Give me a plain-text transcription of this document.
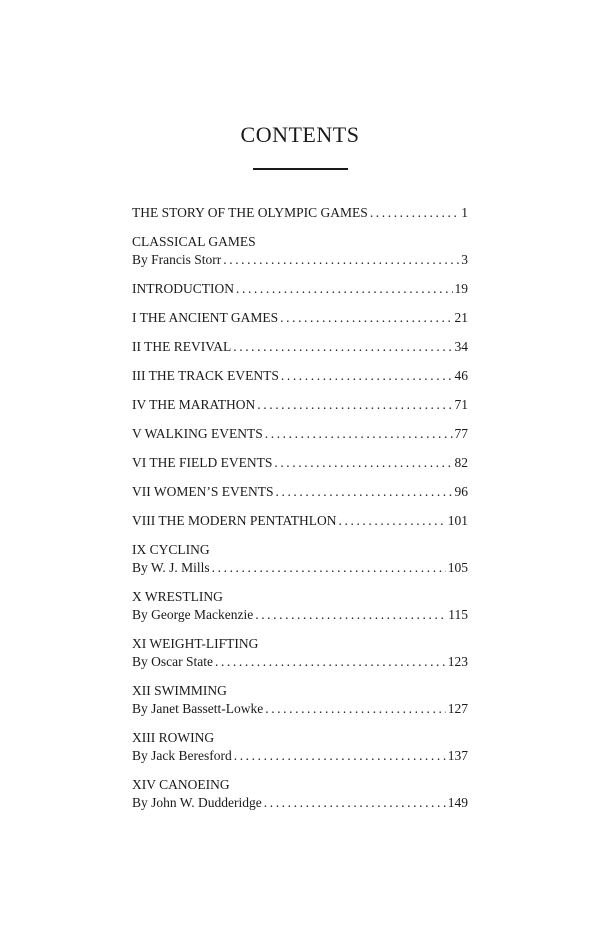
CONTENTS
THE STORY OF THE OLYMPIC GAMES .....	1
CLASSICAL GAMES
By Francis Storr .....	3
INTRODUCTION .....	19
I THE ANCIENT GAMES .....	21
II THE REVIVAL .....	34
III THE TRACK EVENTS .....	46
IV THE MARATHON .....	71
V WALKING EVENTS .....	77
VI THE FIELD EVENTS .....	82
VII WOMEN’S EVENTS .....	96
VIII THE MODERN PENTATHLON .....	101
IX CYCLING
By W. J. Mills .....	105
X WRESTLING
By George Mackenzie .....	115
XI WEIGHT-LIFTING
By Oscar State .....	123
XII SWIMMING
By Janet Bassett-Lowke .....	127
XIII ROWING
By Jack Beresford .....	137
XIV CANOEING
By John W. Dudderidge .....	149
